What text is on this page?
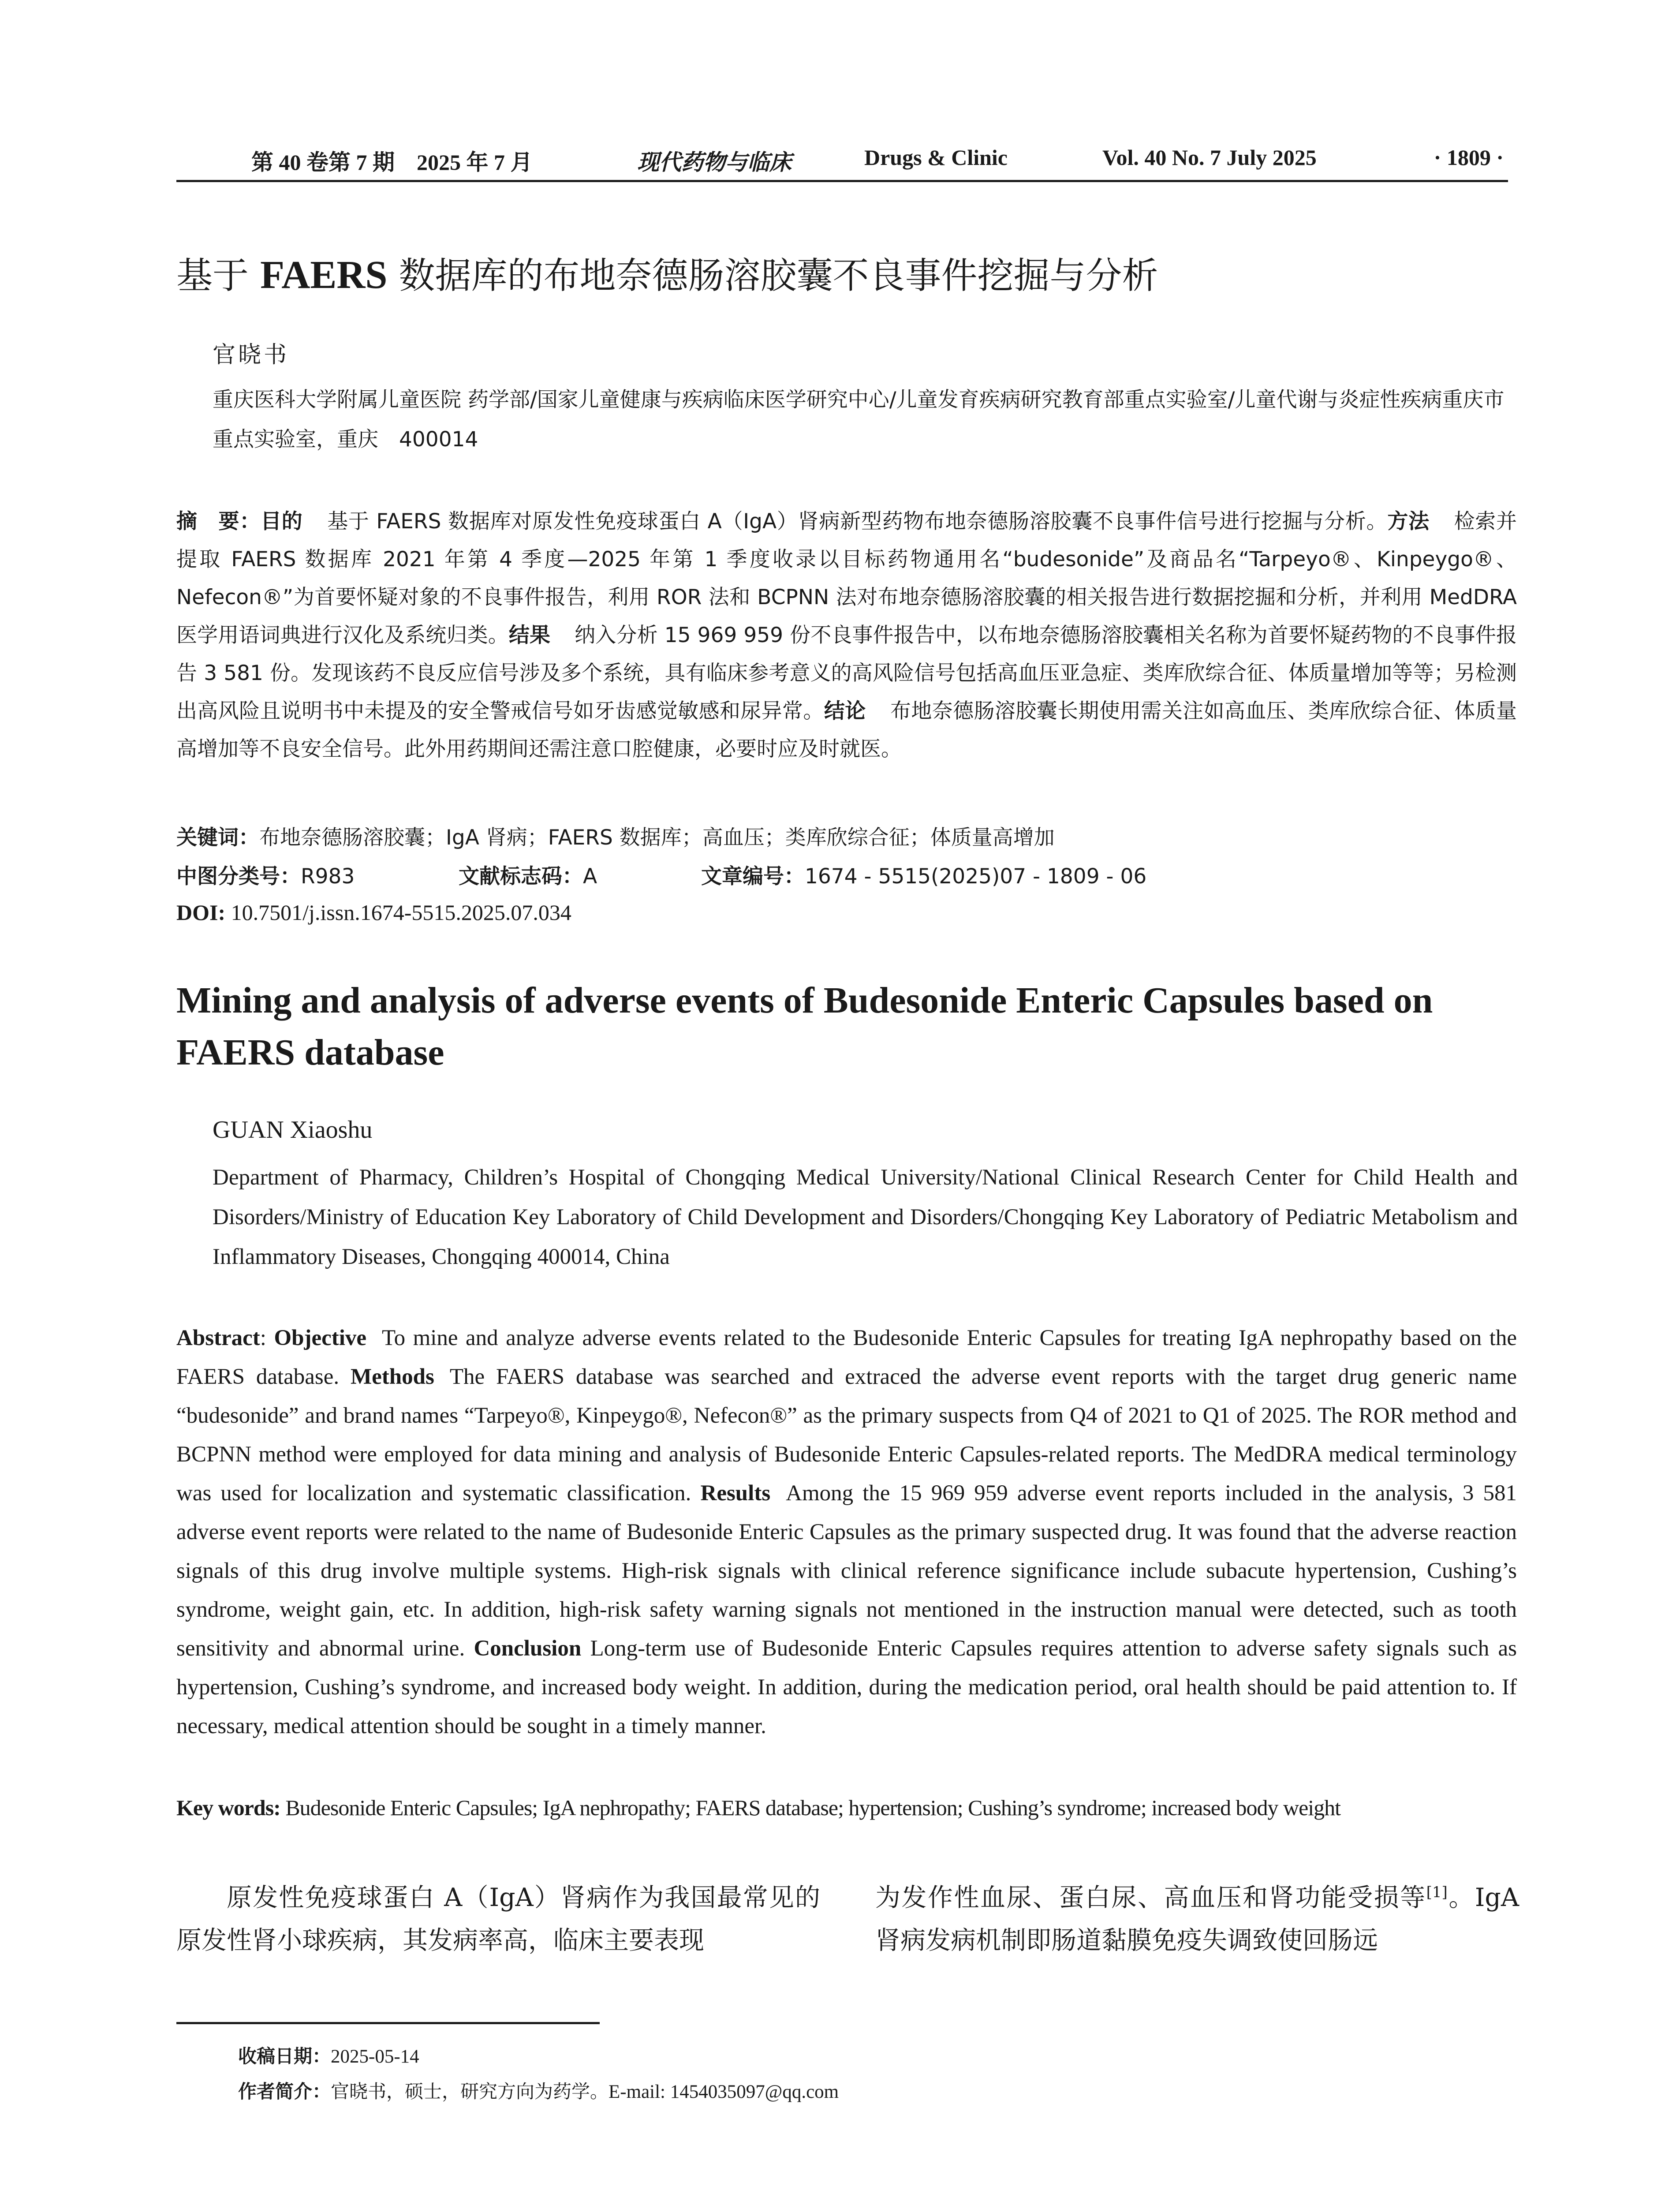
第 40 卷第 7 期　2025 年 7 月	现代药物与临床	Drugs & Clinic	Vol. 40 No. 7 July 2025	· 1809 ·
基于 FAERS 数据库的布地奈德肠溶胶囊不良事件挖掘与分析
官晓书
重庆医科大学附属儿童医院 药学部/国家儿童健康与疾病临床医学研究中心/儿童发育疾病研究教育部重点实验室/儿童代谢与炎症性疾病重庆市重点实验室，重庆　400014
摘　要：目的 基于 FAERS 数据库对原发性免疫球蛋白 A（IgA）肾病新型药物布地奈德肠溶胶囊不良事件信号进行挖掘与分析。方法 检索并提取 FAERS 数据库 2021 年第 4 季度—2025 年第 1 季度收录以目标药物通用名“budesonide”及商品名“Tarpeyo®、Kinpeygo®、Nefecon®”为首要怀疑对象的不良事件报告，利用 ROR 法和 BCPNN 法对布地奈德肠溶胶囊的相关报告进行数据挖掘和分析，并利用 MedDRA 医学用语词典进行汉化及系统归类。结果 纳入分析 15 969 959 份不良事件报告中，以布地奈德肠溶胶囊相关名称为首要怀疑药物的不良事件报告 3 581 份。发现该药不良反应信号涉及多个系统，具有临床参考意义的高风险信号包括高血压亚急症、类库欣综合征、体质量增加等等；另检测出高风险且说明书中未提及的安全警戒信号如牙齿感觉敏感和尿异常。结论 布地奈德肠溶胶囊长期使用需关注如高血压、类库欣综合征、体质量高增加等不良安全信号。此外用药期间还需注意口腔健康，必要时应及时就医。
关键词：布地奈德肠溶胶囊；IgA 肾病；FAERS 数据库；高血压；类库欣综合征；体质量高增加
中图分类号：R983	文献标志码：A	文章编号：1674 - 5515(2025)07 - 1809 - 06
DOI: 10.7501/j.issn.1674-5515.2025.07.034
Mining and analysis of adverse events of Budesonide Enteric Capsules based on FAERS database
GUAN Xiaoshu
Department of Pharmacy, Children’s Hospital of Chongqing Medical University/National Clinical Research Center for Child Health and Disorders/Ministry of Education Key Laboratory of Child Development and Disorders/Chongqing Key Laboratory of Pediatric Metabolism and Inflammatory Diseases, Chongqing 400014, China
Abstract: Objective To mine and analyze adverse events related to the Budesonide Enteric Capsules for treating IgA nephropathy based on the FAERS database. Methods The FAERS database was searched and extraced the adverse event reports with the target drug generic name “budesonide” and brand names “Tarpeyo®, Kinpeygo®, Nefecon®” as the primary suspects from Q4 of 2021 to Q1 of 2025. The ROR method and BCPNN method were employed for data mining and analysis of Budesonide Enteric Capsules-related reports. The MedDRA medical terminology was used for localization and systematic classification. Results Among the 15 969 959 adverse event reports included in the analysis, 3 581 adverse event reports were related to the name of Budesonide Enteric Capsules as the primary suspected drug. It was found that the adverse reaction signals of this drug involve multiple systems. High-risk signals with clinical reference significance include subacute hypertension, Cushing’s syndrome, weight gain, etc. In addition, high-risk safety warning signals not mentioned in the instruction manual were detected, such as tooth sensitivity and abnormal urine. Conclusion Long-term use of Budesonide Enteric Capsules requires attention to adverse safety signals such as hypertension, Cushing’s syndrome, and increased body weight. In addition, during the medication period, oral health should be paid attention to. If necessary, medical attention should be sought in a timely manner.
Key words: Budesonide Enteric Capsules; IgA nephropathy; FAERS database; hypertension; Cushing’s syndrome; increased body weight
原发性免疫球蛋白 A（IgA）肾病作为我国最常见的原发性肾小球疾病，其发病率高，临床主要表现
为发作性血尿、蛋白尿、高血压和肾功能受损等[1]。IgA 肾病发病机制即肠道黏膜免疫失调致使回肠远
收稿日期：2025-05-14
作者简介：官晓书，硕士，研究方向为药学。E-mail: 1454035097@qq.com
